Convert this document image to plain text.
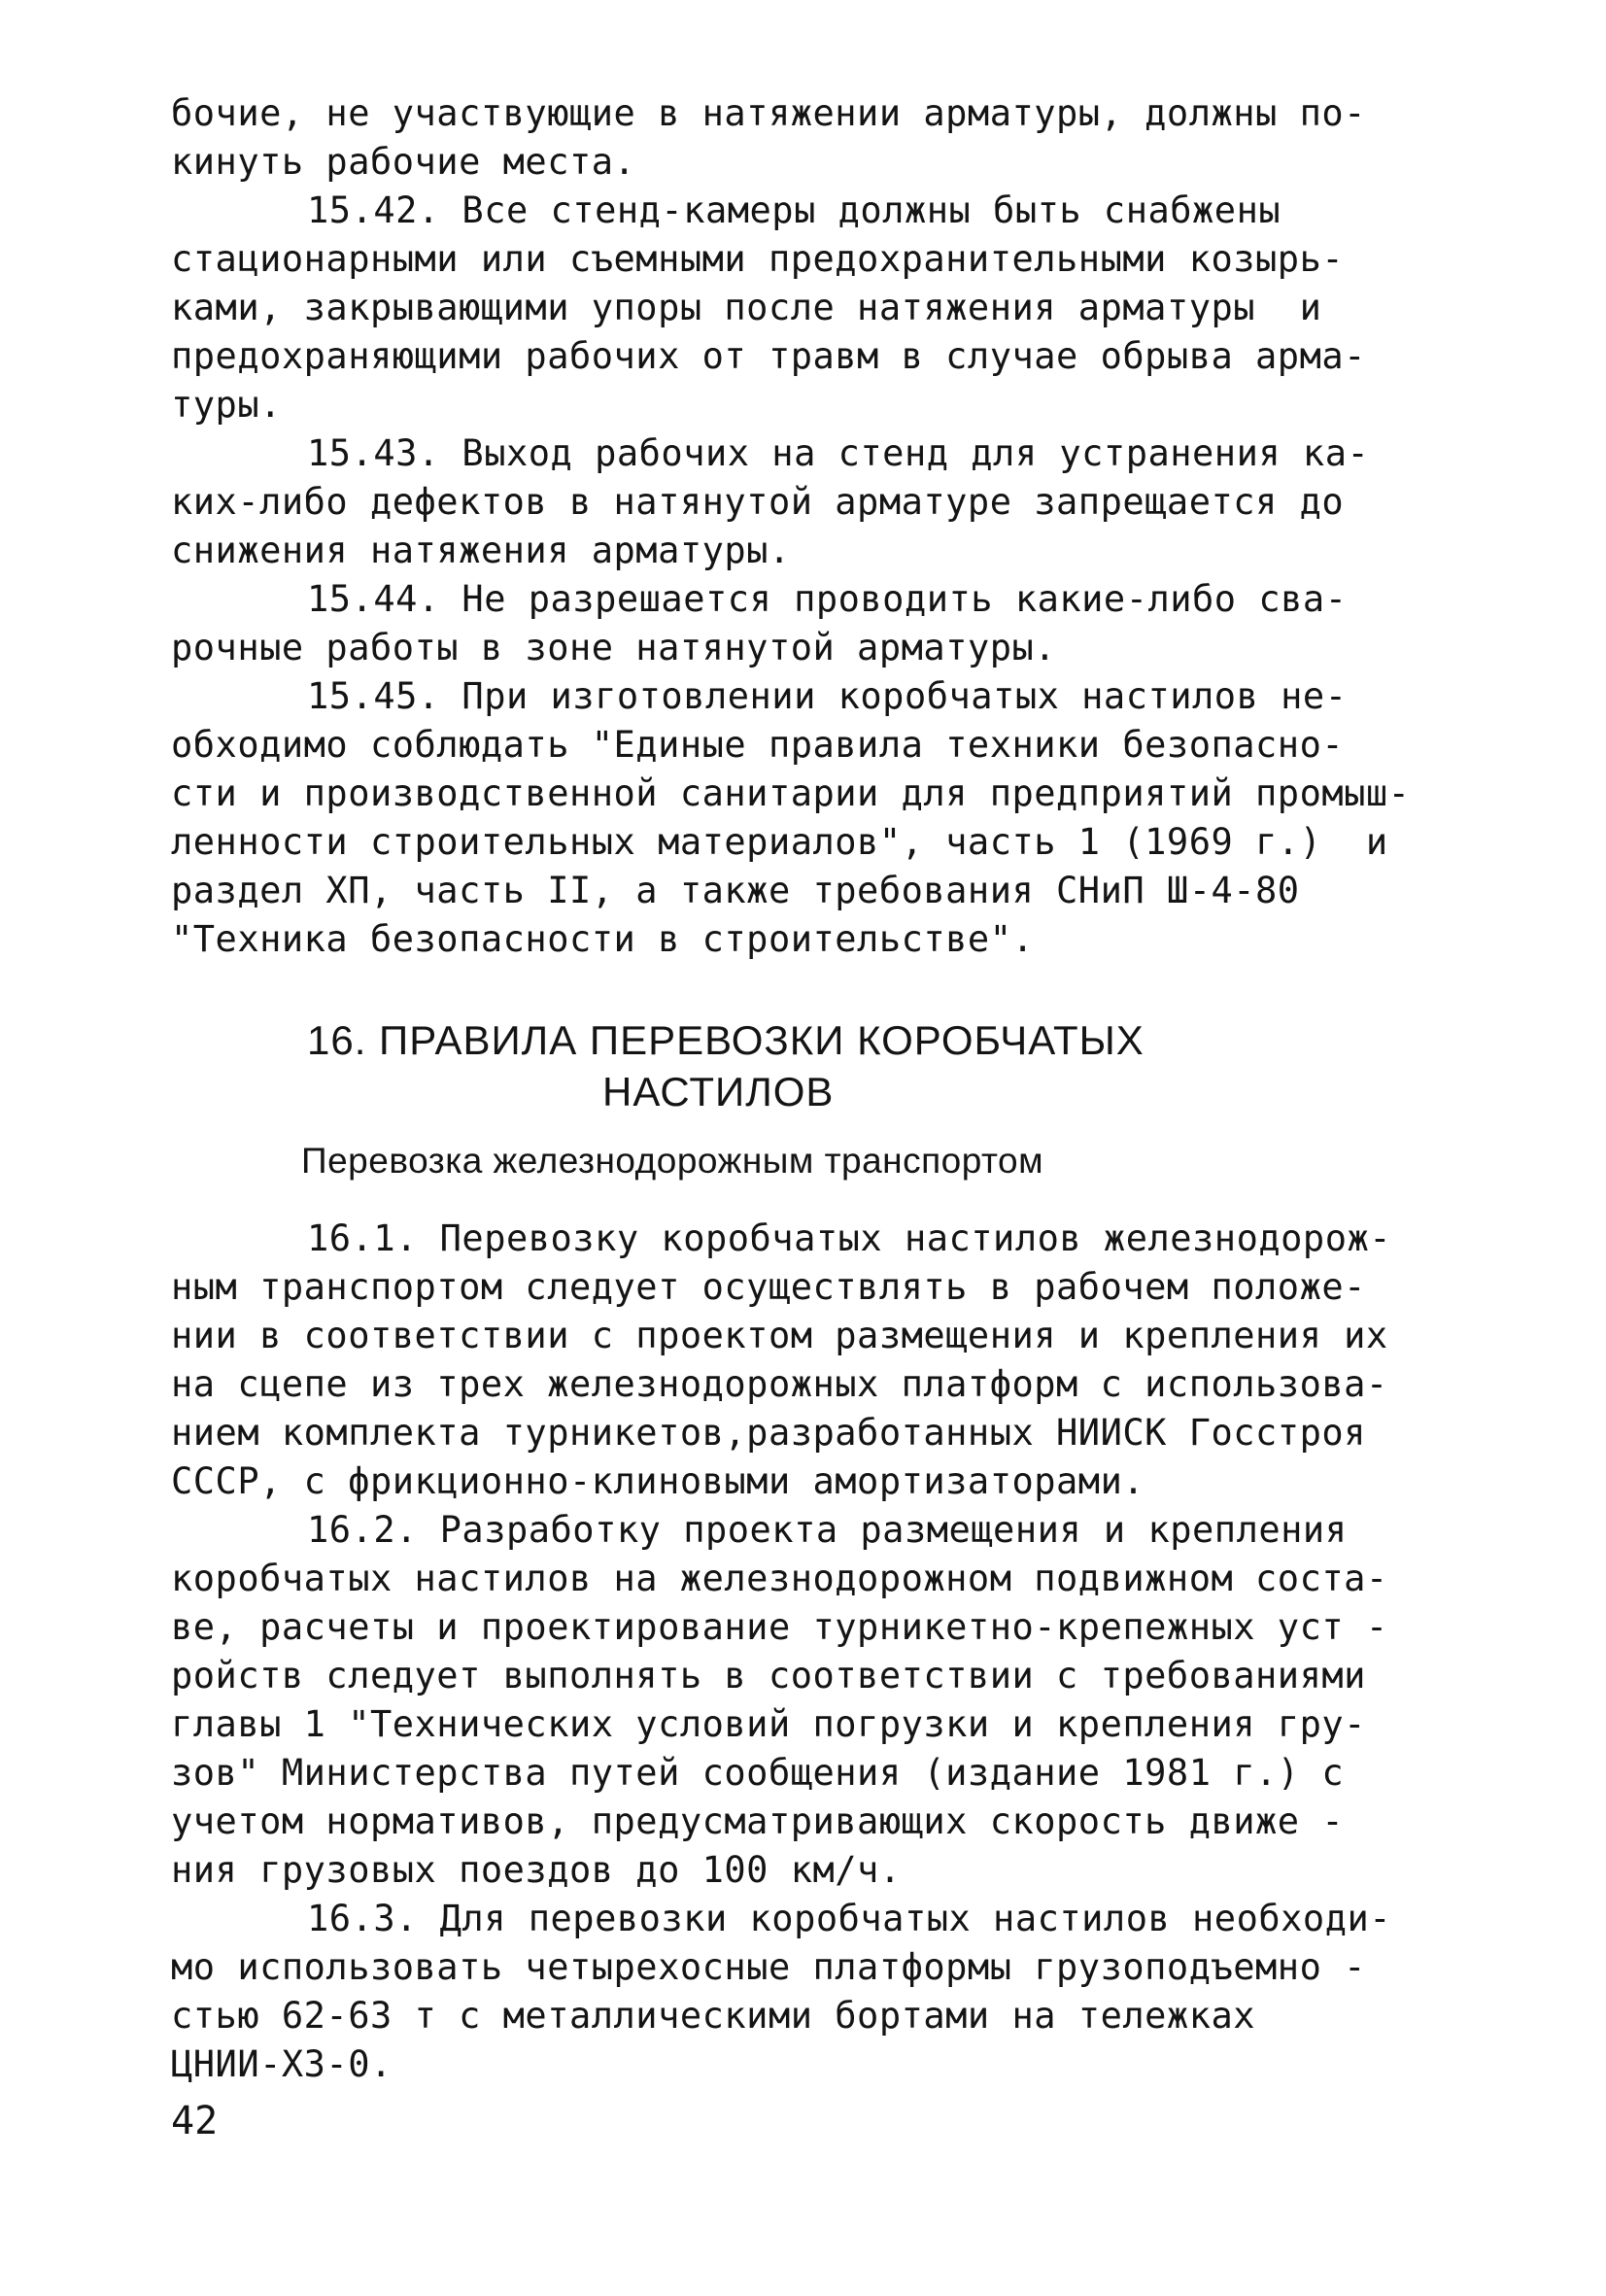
бочие, не участвующие в натяжении арматуры, должны по-
кинуть рабочие места.
15.42. Все стенд-камеры должны быть снабжены
стационарными или съемными предохранительными козырь-
ками, закрывающими упоры после натяжения арматуры  и
предохраняющими рабочих от травм в случае обрыва арма-
туры.
15.43. Выход рабочих на стенд для устранения ка-
ких-либо дефектов в натянутой арматуре запрещается до
снижения натяжения арматуры.
15.44. Не разрешается проводить какие-либо сва-
рочные работы в зоне натянутой арматуры.
15.45. При изготовлении коробчатых настилов не-
обходимо соблюдать "Единые правила техники безопасно-
сти и производственной санитарии для предприятий промыш-
ленности строительных материалов", часть 1 (1969 г.)  и
раздел ХП, часть II, а также требования СНиП Ш-4-80
"Техника безопасности в строительстве".
16. ПРАВИЛА ПЕРЕВОЗКИ КОРОБЧАТЫХ
НАСТИЛОВ
Перевозка железнодорожным транспортом
16.1. Перевозку коробчатых настилов железнодорож-
ным транспортом следует осуществлять в рабочем положе-
нии в соответствии с проектом размещения и крепления их
на сцепе из трех железнодорожных платформ с использова-
нием комплекта турникетов,разработанных НИИСК Госстроя
СССР, с фрикционно-клиновыми амортизаторами.
16.2. Разработку проекта размещения и крепления
коробчатых настилов на железнодорожном подвижном соста-
ве, расчеты и проектирование турникетно-крепежных уст -
ройств следует выполнять в соответствии с требованиями
главы 1 "Технических условий погрузки и крепления гру-
зов" Министерства путей сообщения (издание 1981 г.) с
учетом нормативов, предусматривающих скорость движе -
ния грузовых поездов до 100 км/ч.
16.3. Для перевозки коробчатых настилов необходи-
мо использовать четырехосные платформы грузоподъемно -
стью 62-63 т с металлическими бортами на тележках
ЦНИИ-ХЗ-0.
42
